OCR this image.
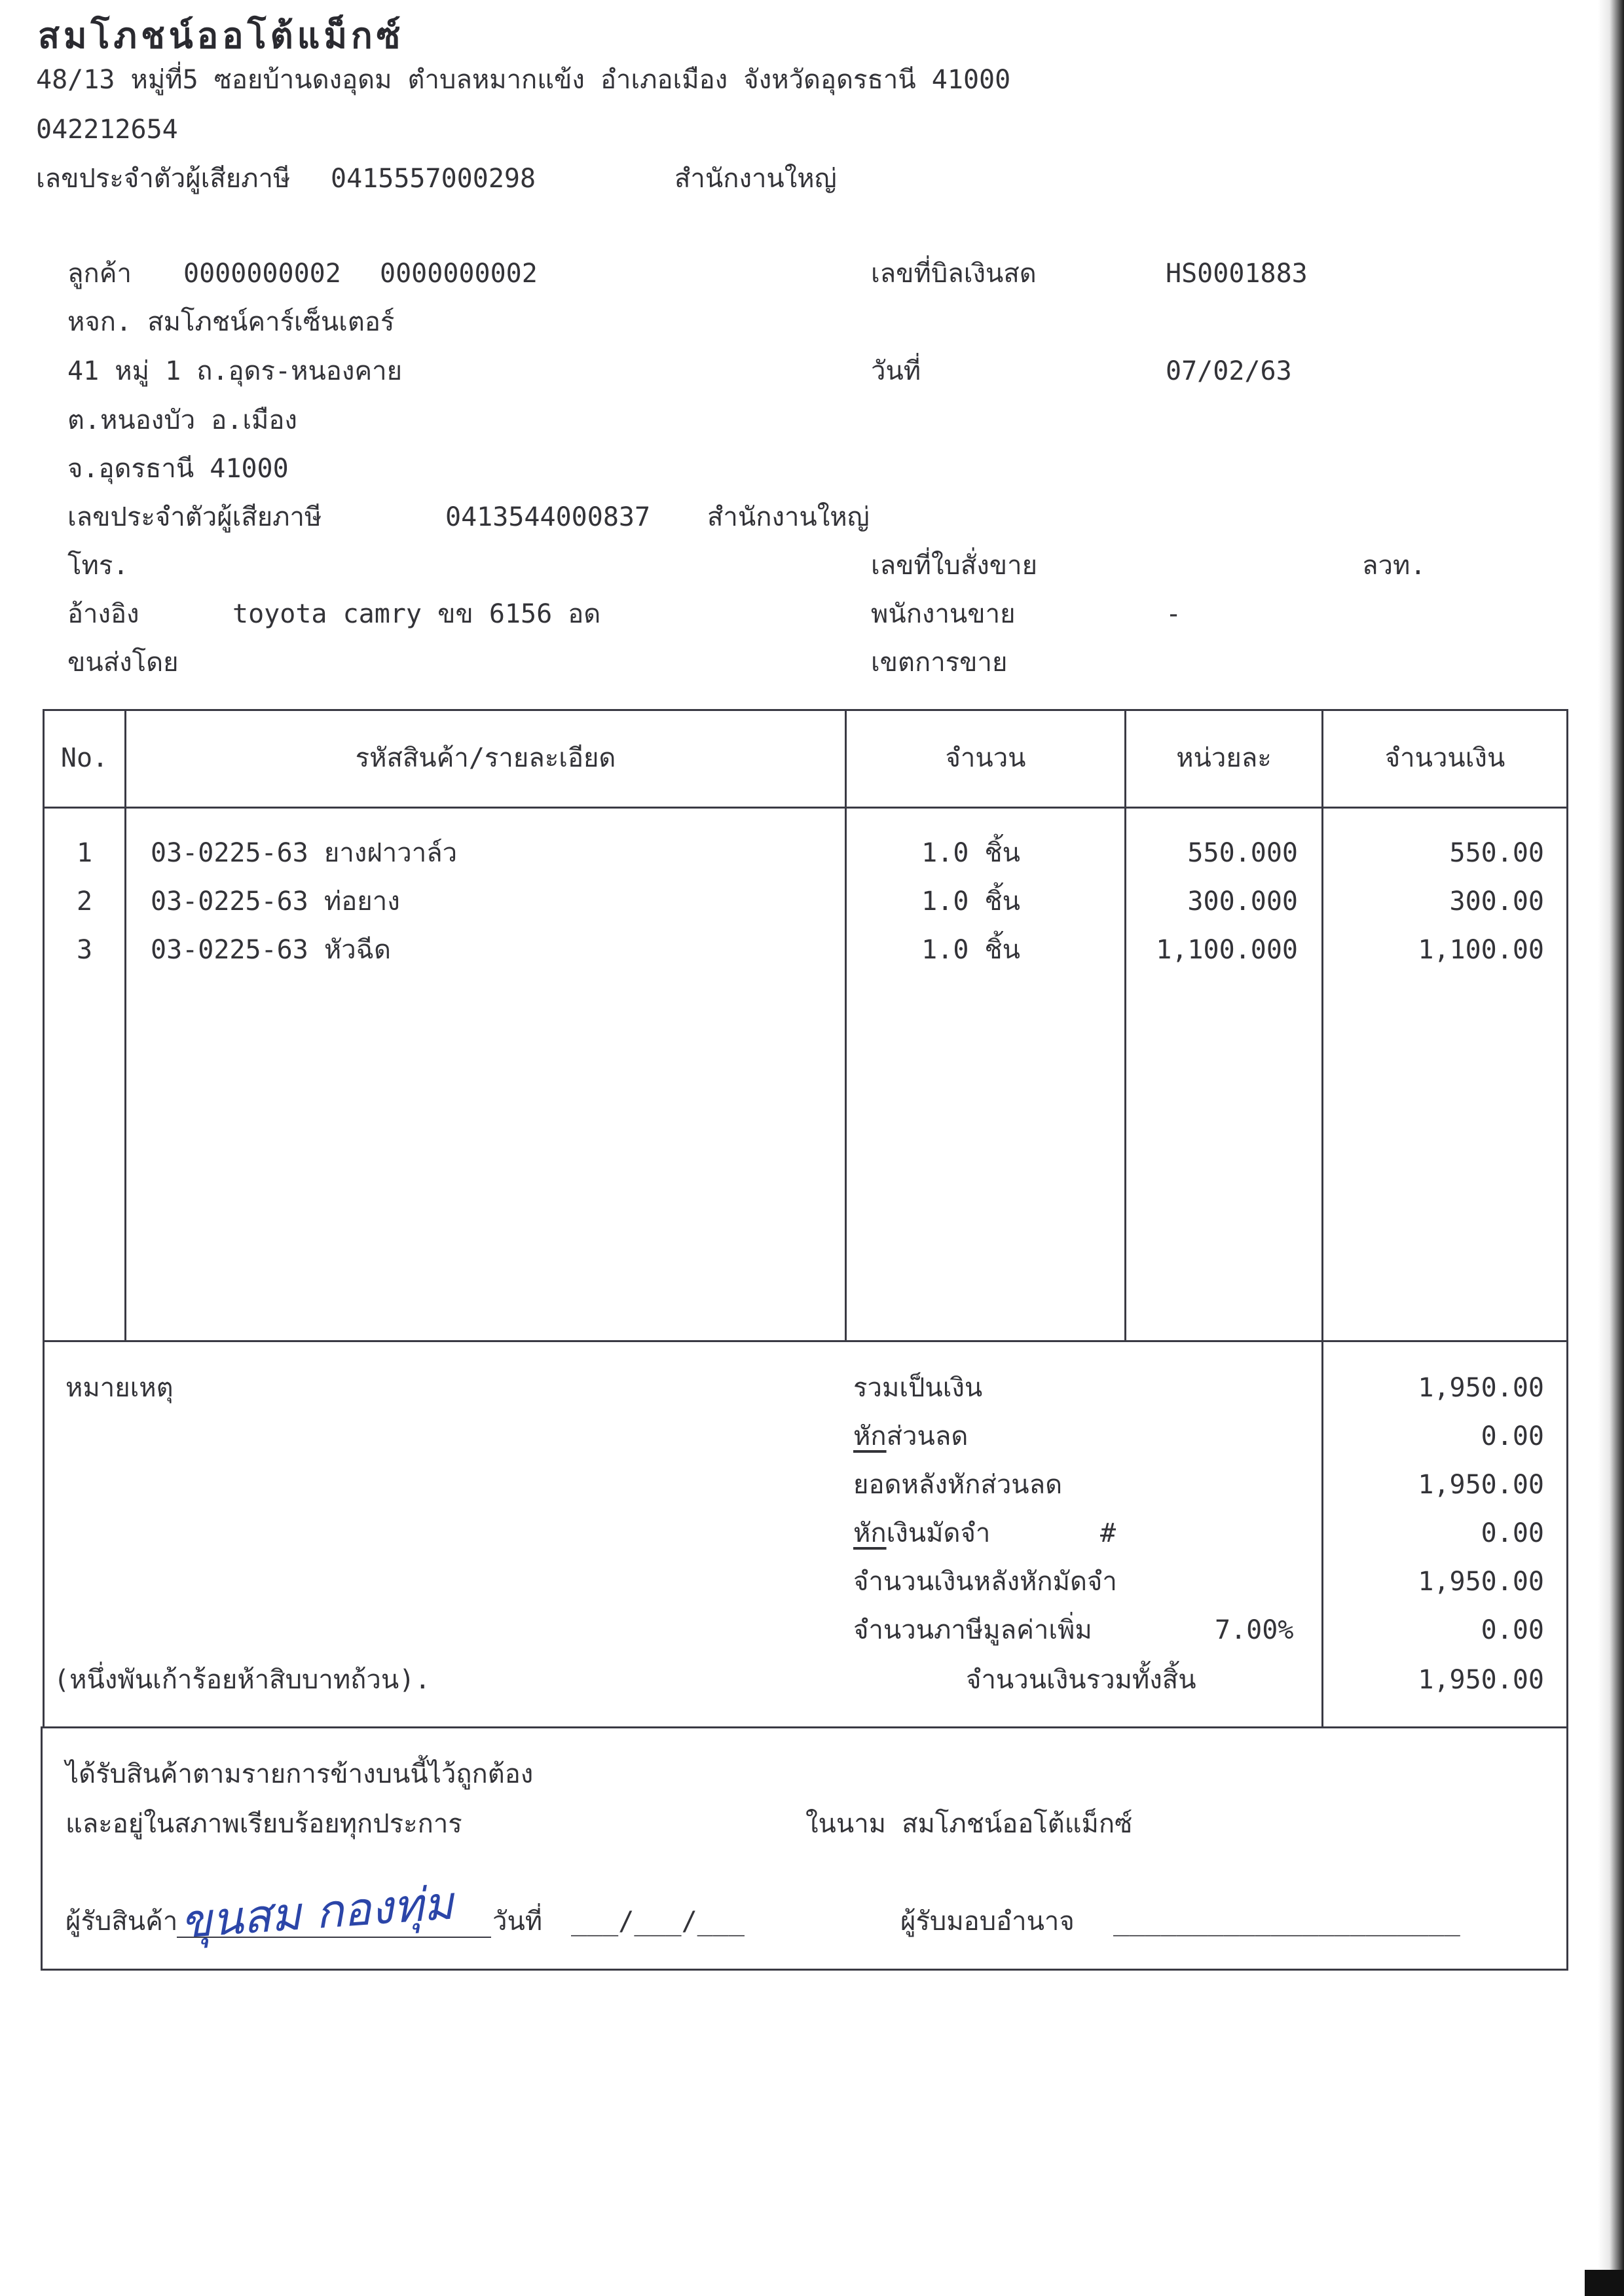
สมโภชน์ออโต้แม็กซ์
48/13 หมู่ที่5 ซอยบ้านดงอุดม ตำบลหมากแข้ง อำเภอเมือง จังหวัดอุดรธานี 41000
042212654
เลขประจำตัวผู้เสียภาษี 0415557000298	สำนักงานใหญ่
ลูกค้า 0000000002 0000000002
หจก. สมโภชน์คาร์เซ็นเตอร์
41 หมู่ 1 ถ.อุดร-หนองคาย
ต.หนองบัว อ.เมือง
จ.อุดรธานี 41000
เลขประจำตัวผู้เสียภาษี	0413544000837 สำนักงานใหญ่
โทร.
อ้างอิง	toyota camry ขข 6156 อด
ขนส่งโดย
เลขที่บิลเงินสด	HS0001883
วันที่	07/02/63
เลขที่ใบสั่งขาย	ลวท.
พนักงานขาย	-
เขตการขาย
No.	รหัสสินค้า/รายละเอียด	จำนวน	หน่วยละ	จำนวนเงิน
1	03-0225-63 ยางฝาวาล์ว	1.0 ชิ้น	550.000	550.00
2	03-0225-63 ท่อยาง	1.0 ชิ้น	300.000	300.00
3	03-0225-63 หัวฉีด	1.0 ชิ้น	1,100.000	1,100.00
หมายเหตุ
(หนึ่งพันเก้าร้อยห้าสิบบาทถ้วน).
รวมเป็นเงิน	1,950.00
หักส่วนลด	0.00
ยอดหลังหักส่วนลด	1,950.00
หักเงินมัดจำ	#	0.00
จำนวนเงินหลังหักมัดจำ	1,950.00
จำนวนภาษีมูลค่าเพิ่ม	7.00%	0.00
จำนวนเงินรวมทั้งสิ้น	1,950.00
ได้รับสินค้าตามรายการข้างบนนี้ไว้ถูกต้อง
และอยู่ในสภาพเรียบร้อยทุกประการ	ในนาม สมโภชน์ออโต้แม็กซ์
ผู้รับสินค้า ขุนสม กองทุ่ม วันที่ ___/___/___	ผู้รับมอบอำนาจ ______________________
